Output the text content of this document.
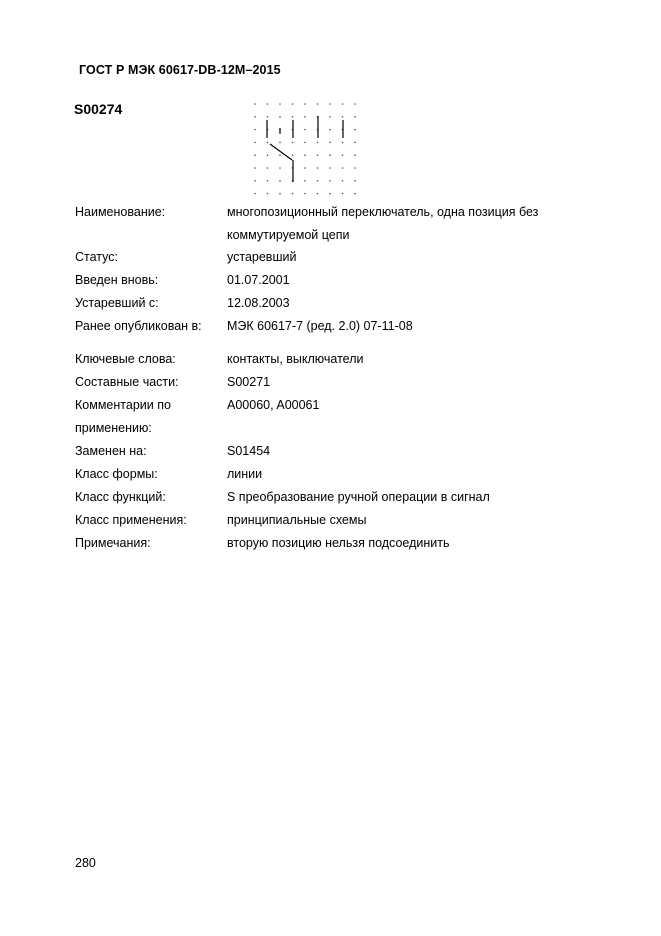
ГОСТ Р МЭК 60617-DB-12M–2015
S00274
Наименование:	многопозиционный переключатель, одна позиция без
коммутируемой цепи
Статус:	устаревший
Введен вновь:	01.07.2001
Устаревший с:	12.08.2003
Ранее опубликован в:	МЭК 60617-7 (ред. 2.0) 07-11-08
Ключевые слова:	контакты, выключатели
Составные части:	S00271
Комментарии по	A00060, A00061
применению:
Заменен на:	S01454
Класс формы:	линии
Класс функций:	S преобразование ручной операции в сигнал
Класс применения:	принципиальные схемы
Примечания:	вторую позицию нельзя подсоединить
280
